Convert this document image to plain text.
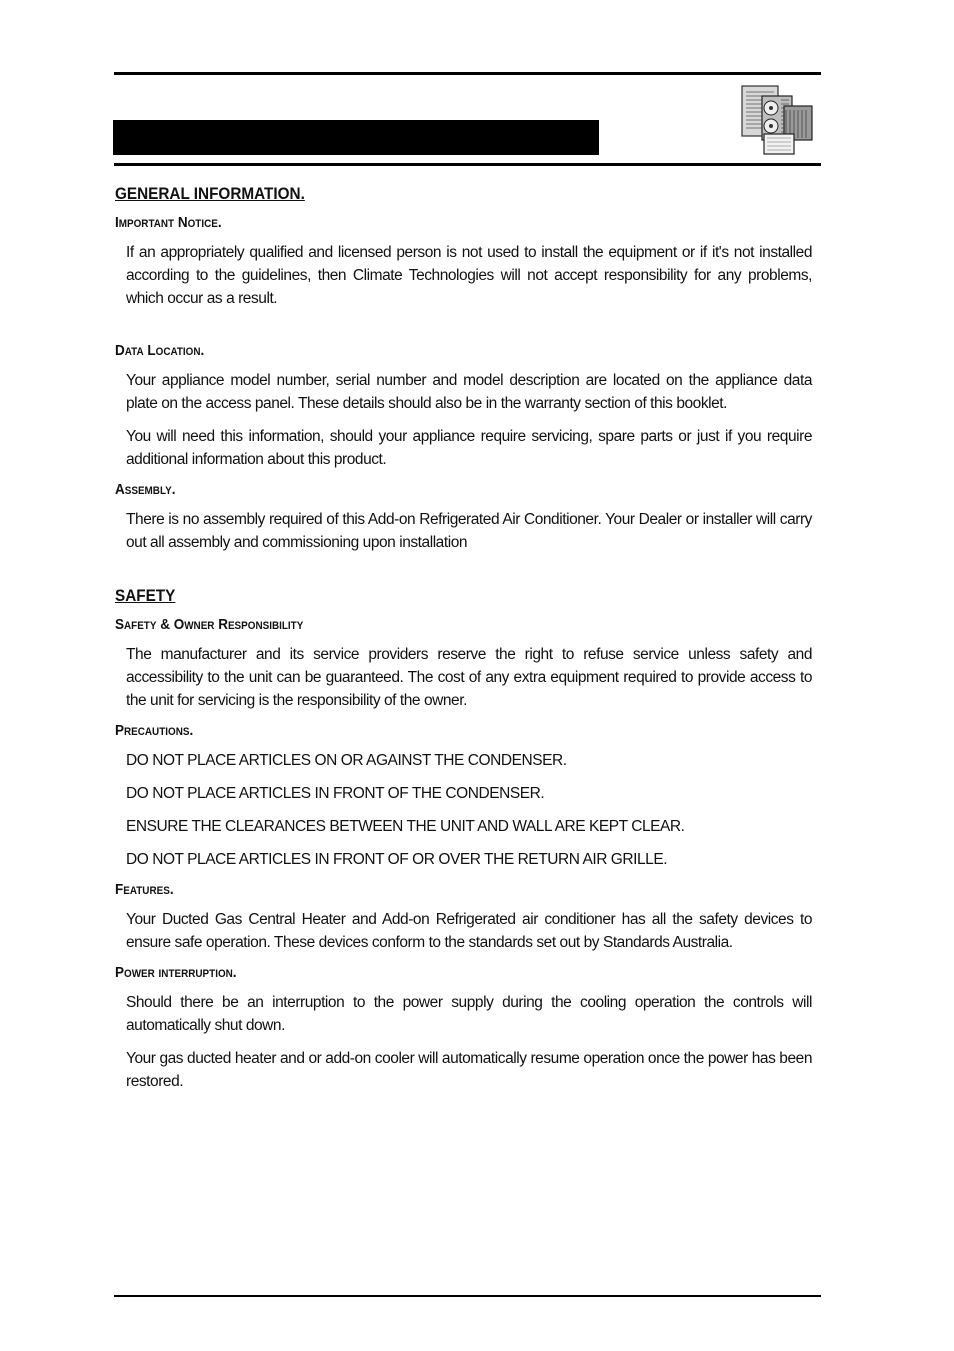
GENERAL INFORMATION.
Important Notice.

If an appropriately qualified and licensed person is not used to install the equipment or if it's not installed according to the guidelines, then Climate Technologies will not accept responsibility for any problems, which occur as a result.

Data Location.

Your appliance model number, serial number and model description are located on the appliance data plate on the access panel. These details should also be in the warranty section of this booklet.

You will need this information, should your appliance require servicing, spare parts or just if you require additional information about this product.

Assembly.

There is no assembly required of this Add-on Refrigerated Air Conditioner. Your Dealer or installer will carry out all assembly and commissioning upon installation

SAFETY
Safety & Owner Responsibility

The manufacturer and its service providers reserve the right to refuse service unless safety and accessibility to the unit can be guaranteed. The cost of any extra equipment required to provide access to the unit for servicing is the responsibility of the owner.

Precautions.

DO NOT PLACE ARTICLES ON OR AGAINST THE CONDENSER.

DO NOT PLACE ARTICLES IN FRONT OF THE CONDENSER.

ENSURE THE CLEARANCES BETWEEN THE UNIT AND WALL ARE KEPT CLEAR.

DO NOT PLACE ARTICLES IN FRONT OF OR OVER THE RETURN AIR GRILLE.

Features.

Your Ducted Gas Central Heater and Add-on Refrigerated air conditioner has all the safety devices to ensure safe operation. These devices conform to the standards set out by Standards Australia.

Power interruption.

Should there be an interruption to the power supply during the cooling operation the controls will automatically shut down.

Your gas ducted heater and or add-on cooler will automatically resume operation once the power has been restored.
